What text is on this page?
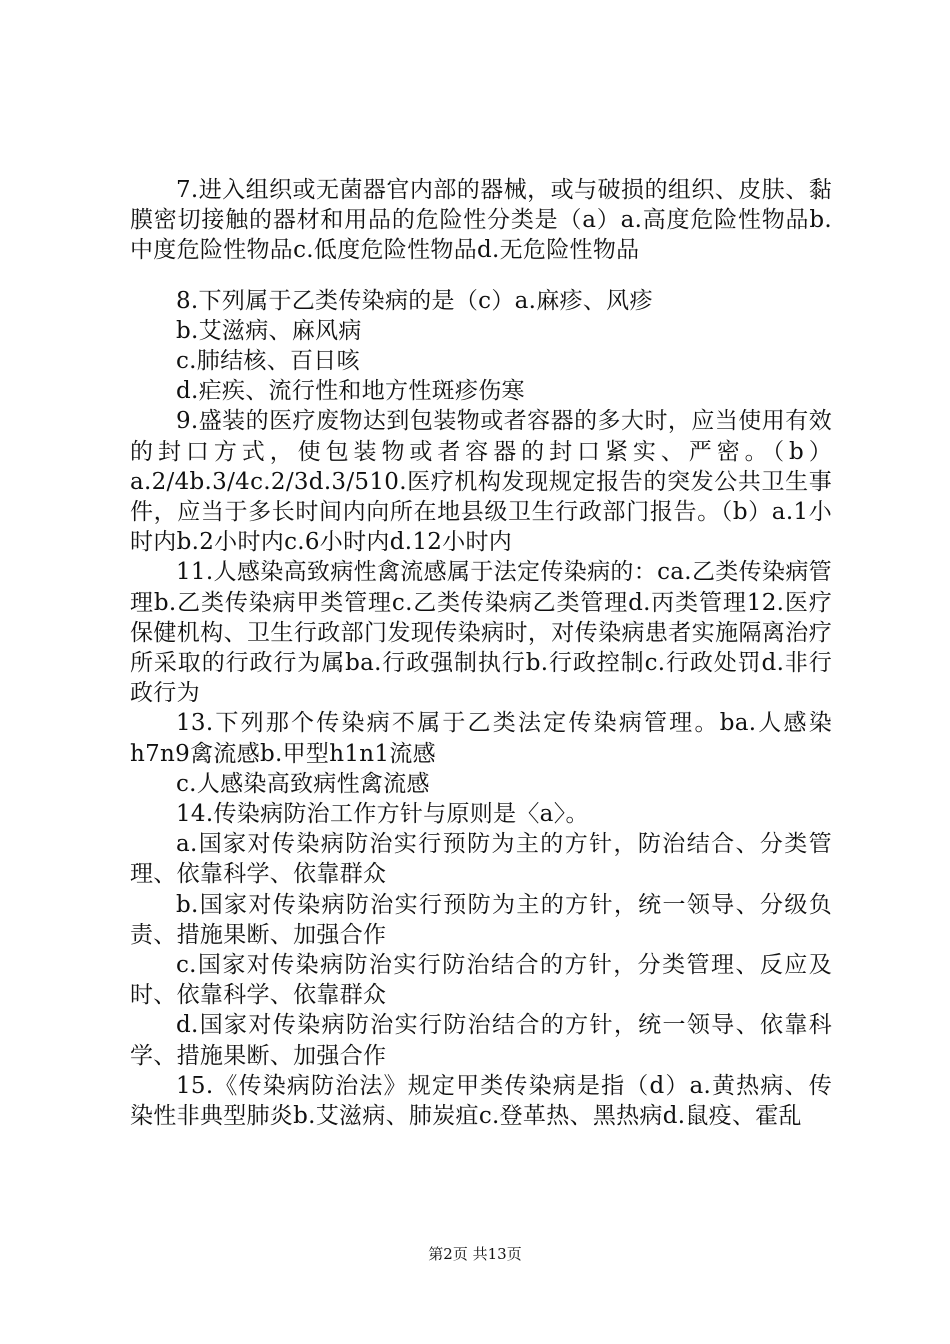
7.进入组织或无菌器官内部的器械，或与破损的组织、皮肤、黏膜密切接触的器材和用品的危险性分类是（a）a.高度危险性物品b.中度危险性物品c.低度危险性物品d.无危险性物品

8.下列属于乙类传染病的是（c）a.麻疹、风疹

b.艾滋病、麻风病

c.肺结核、百日咳

d.疟疾、流行性和地方性斑疹伤寒

9.盛装的医疗废物达到包装物或者容器的多大时，应当使用有效的封口方式，使包装物或者容器的封口紧实、严密。（b）a.2/4b.3/4c.2/3d.3/510.医疗机构发现规定报告的突发公共卫生事件，应当于多长时间内向所在地县级卫生行政部门报告。（b）a.1小时内b.2小时内c.6小时内d.12小时内

11.人感染高致病性禽流感属于法定传染病的：ca.乙类传染病管理b.乙类传染病甲类管理c.乙类传染病乙类管理d.丙类管理12.医疗保健机构、卫生行政部门发现传染病时，对传染病患者实施隔离治疗所采取的行政行为属ba.行政强制执行b.行政控制c.行政处罚d.非行政行为

13.下列那个传染病不属于乙类法定传染病管理。ba.人感染h7n9禽流感b.甲型h1n1流感

c.人感染高致病性禽流感

14.传染病防治工作方针与原则是〈a〉。

a.国家对传染病防治实行预防为主的方针，防治结合、分类管理、依靠科学、依靠群众

b.国家对传染病防治实行预防为主的方针，统一领导、分级负责、措施果断、加强合作

c.国家对传染病防治实行防治结合的方针，分类管理、反应及时、依靠科学、依靠群众

d.国家对传染病防治实行防治结合的方针，统一领导、依靠科学、措施果断、加强合作

15.《传染病防治法》规定甲类传染病是指（d）a.黄热病、传染性非典型肺炎b.艾滋病、肺炭疽c.登革热、黑热病d.鼠疫、霍乱

第2页 共13页
